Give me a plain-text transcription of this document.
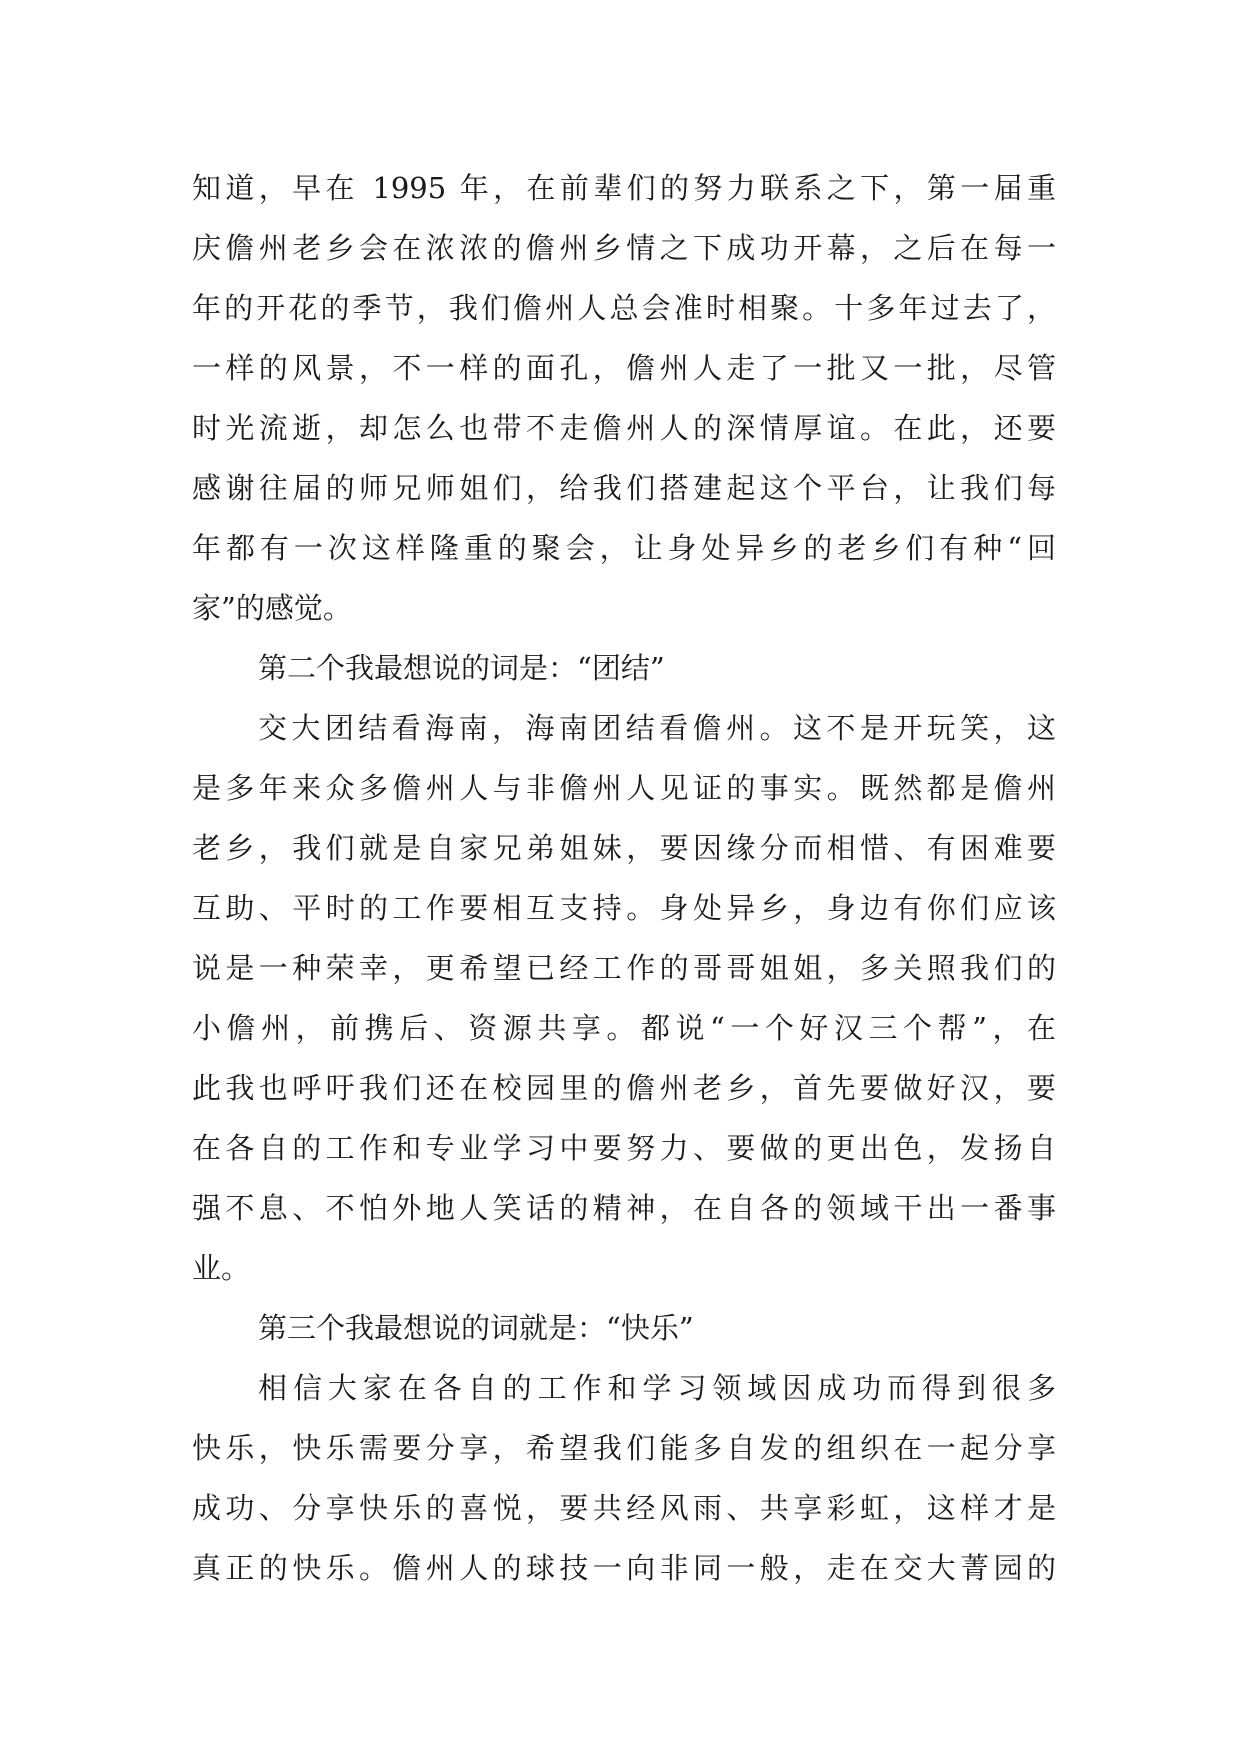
知道，早在 1995 年，在前辈们的努力联系之下，第一届重
庆儋州老乡会在浓浓的儋州乡情之下成功开幕，之后在每一
年的开花的季节，我们儋州人总会准时相聚。十多年过去了，
一样的风景，不一样的面孔，儋州人走了一批又一批，尽管
时光流逝，却怎么也带不走儋州人的深情厚谊。在此，还要
感谢往届的师兄师姐们，给我们搭建起这个平台，让我们每
年都有一次这样隆重的聚会，让身处异乡的老乡们有种“回
家”的感觉。
第二个我最想说的词是：“团结”
交大团结看海南，海南团结看儋州。这不是开玩笑，这
是多年来众多儋州人与非儋州人见证的事实。既然都是儋州
老乡，我们就是自家兄弟姐妹，要因缘分而相惜、有困难要
互助、平时的工作要相互支持。身处异乡，身边有你们应该
说是一种荣幸，更希望已经工作的哥哥姐姐，多关照我们的
小儋州，前携后、资源共享。都说“一个好汉三个帮”，在
此我也呼吁我们还在校园里的儋州老乡，首先要做好汉，要
在各自的工作和专业学习中要努力、要做的更出色，发扬自
强不息、不怕外地人笑话的精神，在自各的领域干出一番事
业。
第三个我最想说的词就是：“快乐”
相信大家在各自的工作和学习领域因成功而得到很多
快乐，快乐需要分享，希望我们能多自发的组织在一起分享
成功、分享快乐的喜悦，要共经风雨、共享彩虹，这样才是
真正的快乐。儋州人的球技一向非同一般，走在交大菁园的
